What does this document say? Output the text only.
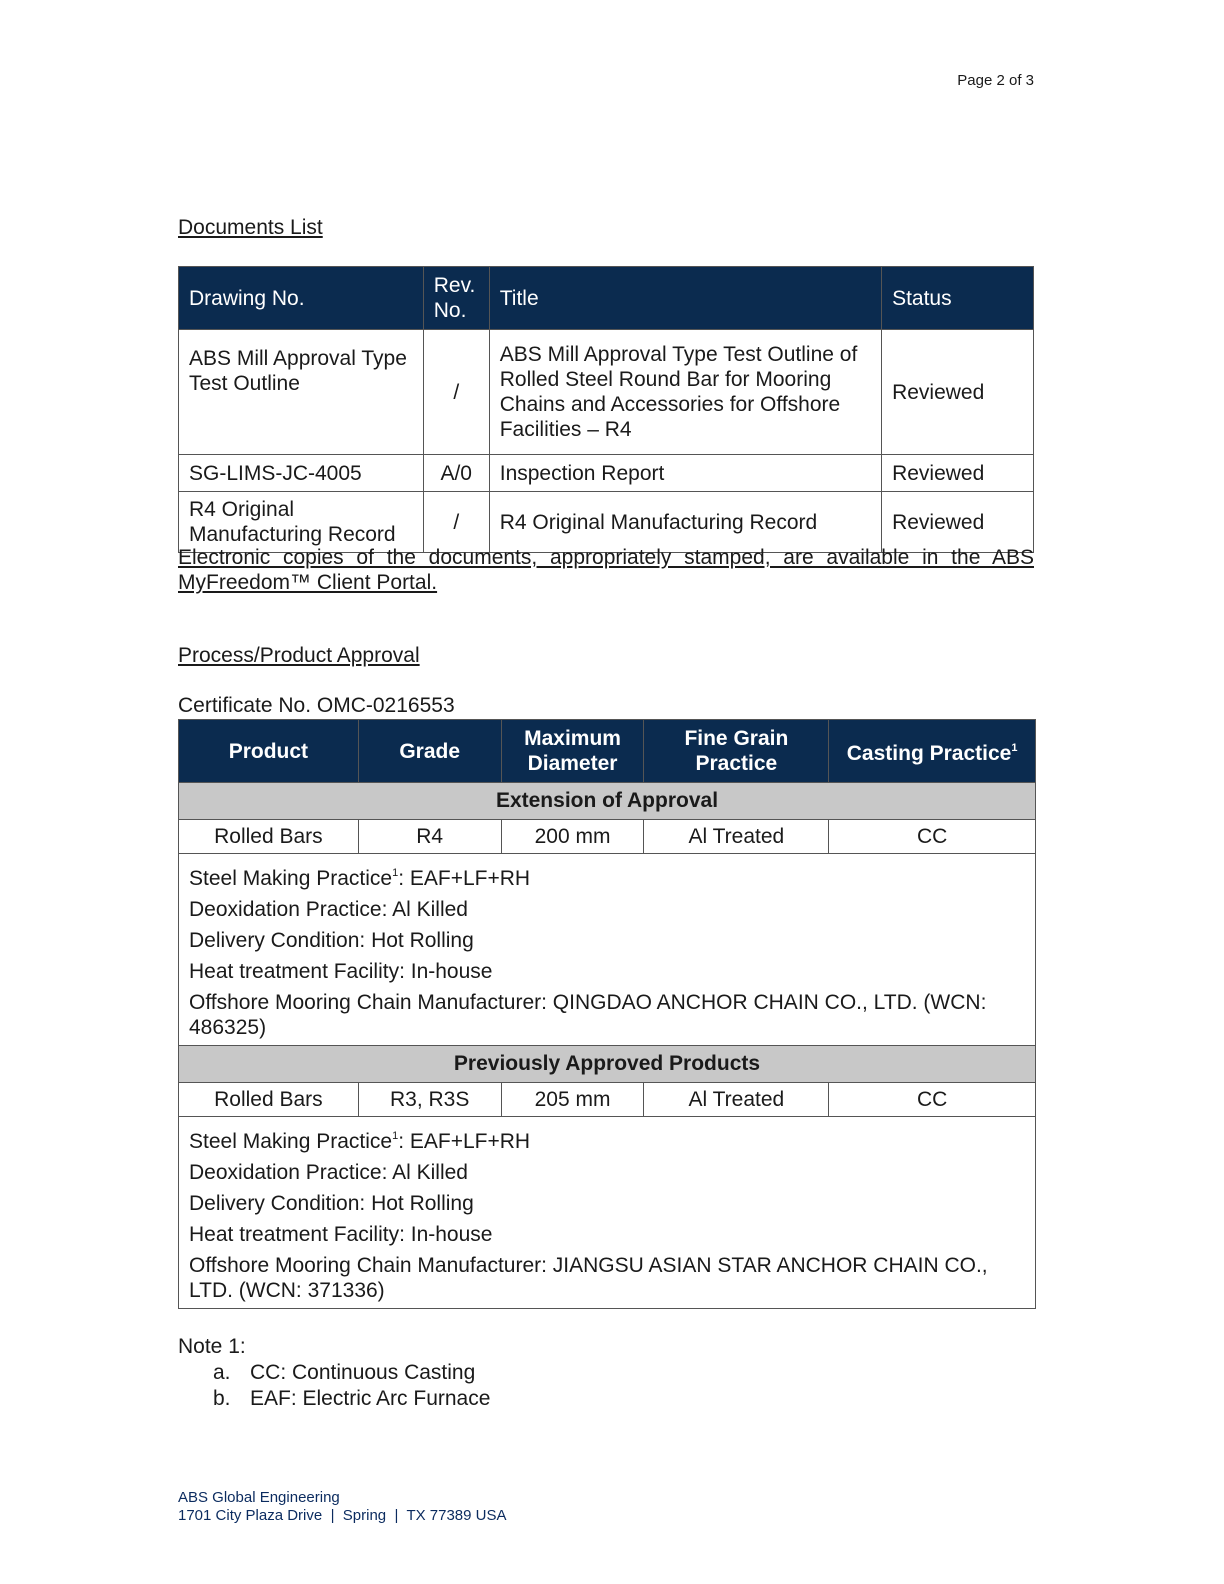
Page 2 of 3
Documents List
Drawing No.	Rev. No.	Title	Status
ABS Mill Approval Type Test Outline	/	ABS Mill Approval Type Test Outline of Rolled Steel Round Bar for Mooring Chains and Accessories for Offshore Facilities – R4	Reviewed
SG-LIMS-JC-4005	A/0	Inspection Report	Reviewed
R4 Original Manufacturing Record	/	R4 Original Manufacturing Record	Reviewed
Electronic copies of the documents, appropriately stamped, are available in the ABS MyFreedom™ Client Portal.
Process/Product Approval
Certificate No. OMC-0216553
Product	Grade	Maximum Diameter	Fine Grain Practice	Casting Practice$^1$
Extension of Approval				
Rolled Bars	R4	200 mm	Al Treated	CC

Steel Making Practice$^1$: EAF+LF+RH
Deoxidation Practice: Al Killed
Delivery Condition: Hot Rolling
Heat treatment Facility: In-house
Offshore Mooring Chain Manufacturer: QINGDAO ANCHOR CHAIN CO., LTD. (WCN: 486325)				

Previously Approved Products				
Rolled Bars	R3, R3S	205 mm	Al Treated	CC

Steel Making Practice$^1$: EAF+LF+RH
Deoxidation Practice: Al Killed
Delivery Condition: Hot Rolling
Heat treatment Facility: In-house
Offshore Mooring Chain Manufacturer: JIANGSU ASIAN STAR ANCHOR CHAIN CO., LTD. (WCN: 371336)				
Note 1:
a. CC: Continuous Casting
b. EAF: Electric Arc Furnace
ABS Global Engineering
1701 City Plaza Drive  |  Spring  |  TX 77389 USA
